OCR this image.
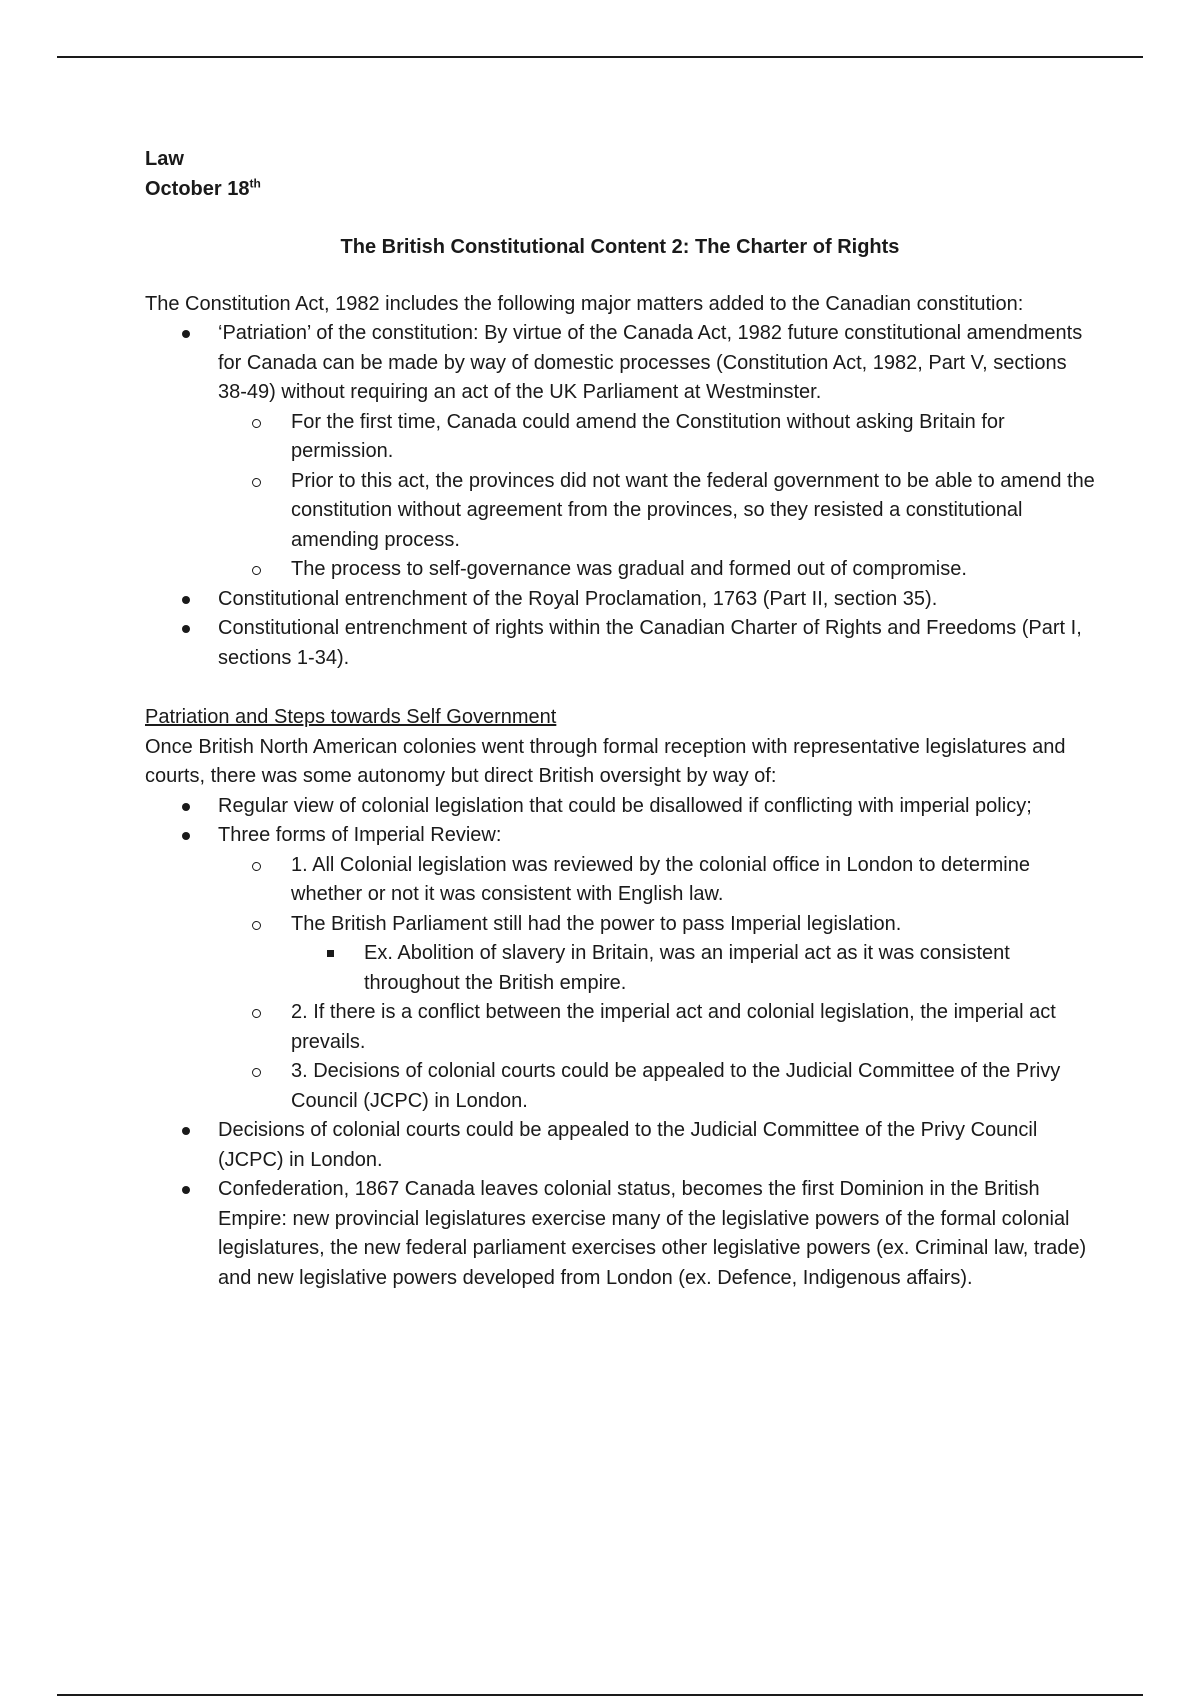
Law
October 18th
The British Constitutional Content 2: The Charter of Rights

The Constitution Act, 1982 includes the following major matters added to the Canadian constitution:

‘Patriation’ of the constitution: By virtue of the Canada Act, 1982 future constitutional amendments for Canada can be made by way of domestic processes (Constitution Act, 1982, Part V, sections 38-49) without requiring an act of the UK Parliament at Westminster.
For the first time, Canada could amend the Constitution without asking Britain for permission.
Prior to this act, the provinces did not want the federal government to be able to amend the constitution without agreement from the provinces, so they resisted a constitutional amending process.
The process to self-governance was gradual and formed out of compromise.
Constitutional entrenchment of the Royal Proclamation, 1763 (Part II, section 35).
Constitutional entrenchment of rights within the Canadian Charter of Rights and Freedoms (Part I, sections 1-34).

Patriation and Steps towards Self Government

Once British North American colonies went through formal reception with representative legislatures and courts, there was some autonomy but direct British oversight by way of:

Regular view of colonial legislation that could be disallowed if conflicting with imperial policy;
Three forms of Imperial Review:
1. All Colonial legislation was reviewed by the colonial office in London to determine whether or not it was consistent with English law.
The British Parliament still had the power to pass Imperial legislation.
Ex. Abolition of slavery in Britain, was an imperial act as it was consistent throughout the British empire.
2. If there is a conflict between the imperial act and colonial legislation, the imperial act prevails.
3. Decisions of colonial courts could be appealed to the Judicial Committee of the Privy Council (JCPC) in London.
Decisions of colonial courts could be appealed to the Judicial Committee of the Privy Council (JCPC) in London.
Confederation, 1867 Canada leaves colonial status, becomes the first Dominion in the British Empire: new provincial legislatures exercise many of the legislative powers of the formal colonial legislatures, the new federal parliament exercises other legislative powers (ex. Criminal law, trade) and new legislative powers developed from London (ex. Defence, Indigenous affairs).
